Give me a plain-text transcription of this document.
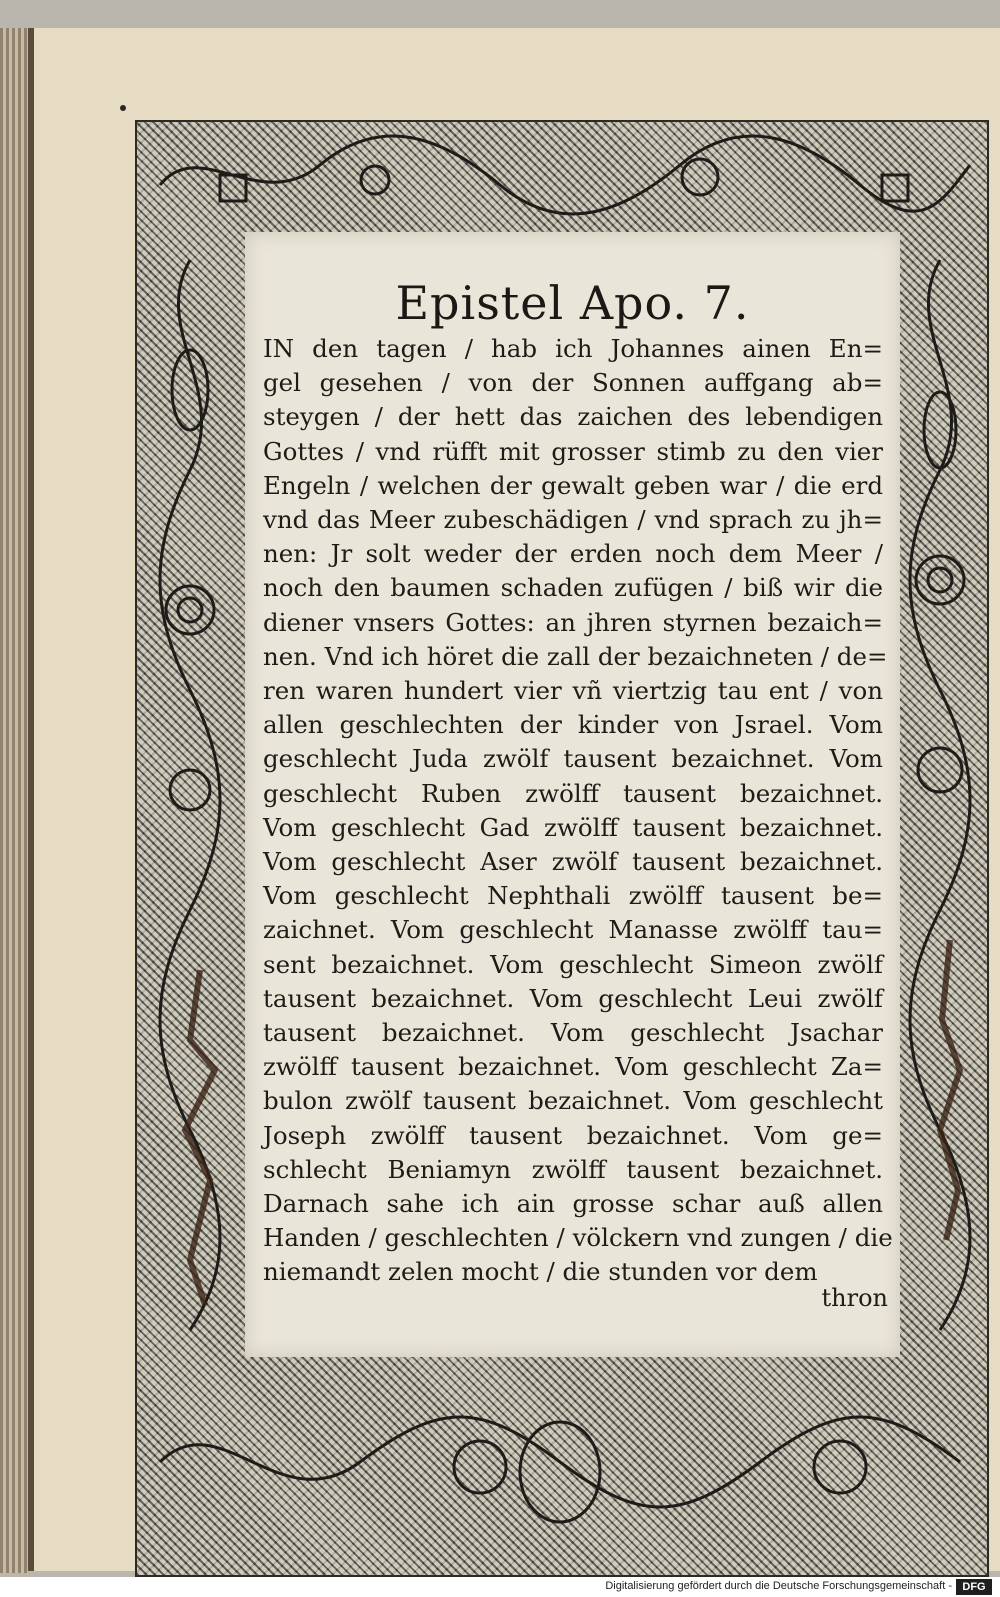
Epistel Apo. 7.
IN den tagen / hab ich Johannes ainen En=
gel gesehen / von der Sonnen auffgang ab=
steygen / der hett das zaichen des lebendigen
Gottes / vnd rüfft mit grosser stimb zu den vier
Engeln / welchen der gewalt geben war / die erd
vnd das Meer zubeschädigen / vnd sprach zu jh=
nen: Jr solt weder der erden noch dem Meer /
noch den baumen schaden zufügen / biß wir die
diener vnsers Gottes: an jhren styrnen bezaich=
nen. Vnd ich höret die zall der bezaichneten / de=
ren waren hundert vier vñ viertzig tau ent / von
allen geschlechten der kinder von Jsrael. Vom
geschlecht Juda zwölf tausent bezaichnet. Vom
geschlecht Ruben zwölff tausent bezaichnet.
Vom geschlecht Gad zwölff tausent bezaichnet.
Vom geschlecht Aser zwölf tausent bezaichnet.
Vom geschlecht Nephthali zwölff tausent be=
zaichnet. Vom geschlecht Manasse zwölff tau=
sent bezaichnet. Vom geschlecht Simeon zwölf
tausent bezaichnet. Vom geschlecht Leui zwölf
tausent bezaichnet. Vom geschlecht Jsachar
zwölff tausent bezaichnet. Vom geschlecht Za=
bulon zwölf tausent bezaichnet. Vom geschlecht
Joseph zwölff tausent bezaichnet. Vom ge=
schlecht Beniamyn zwölff tausent bezaichnet.
Darnach sahe ich ain grosse schar auß allen
Handen / geschlechten / völckern vnd zungen / die
niemandt zelen mocht / die stunden vor dem
thron
Digitalisierung gefördert durch die Deutsche Forschungsgemeinschaft - DFG
